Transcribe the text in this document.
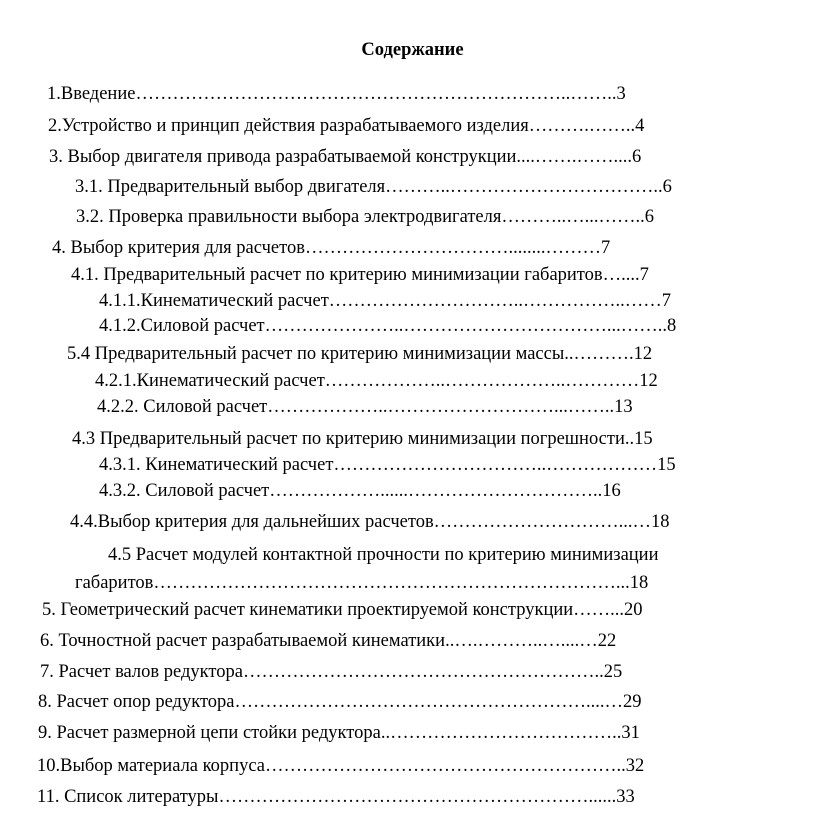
Содержание
1.Введение……………………………………………………………..……..3
2.Устройство и принцип действия разрабатываемого изделия……….……..4
3. Выбор двигателя привода разрабатываемой конструкции....…….……....6
3.1. Предварительный выбор двигателя………..……………………………..6
3.2. Проверка правильности выбора электродвигателя………..…...……..6
4. Выбор критерия для расчетов……………………………........………7
4.1. Предварительный расчет по критерию минимизации габаритов…....7
4.1.1.Кинематический расчет…………………………..……………..……7
4.1.2.Силовой расчет…………………..……………………………...……..8
5.4 Предварительный расчет по критерию минимизации массы..……….12
4.2.1.Кинематический расчет………………..………………..…………12
4.2.2. Силовой расчет………………..………………………...……..13
4.3 Предварительный расчет по критерию минимизации погрешности..15
4.3.1. Кинематический расчет……………………………..………………15
4.3.2. Силовой расчет………………......…………………………..16
4.4.Выбор критерия для дальнейших расчетов…………………………...…18
4.5 Расчет модулей контактной прочности по критерию минимизации
габаритов…………………………………………………………………...18
5. Геометрический расчет кинематики проектируемой конструкции……...20
6. Точностной расчет разрабатываемой кинематики..….………..…....…22
7. Расчет валов редуктора…………………………………………………..25
8. Расчет опор редуктора…………………………………………………....…29
9. Расчет размерной цепи стойки редуктора..………………………………..31
10.Выбор материала корпуса…………………………………………………..32
11. Список литературы……………………………………………………......33
